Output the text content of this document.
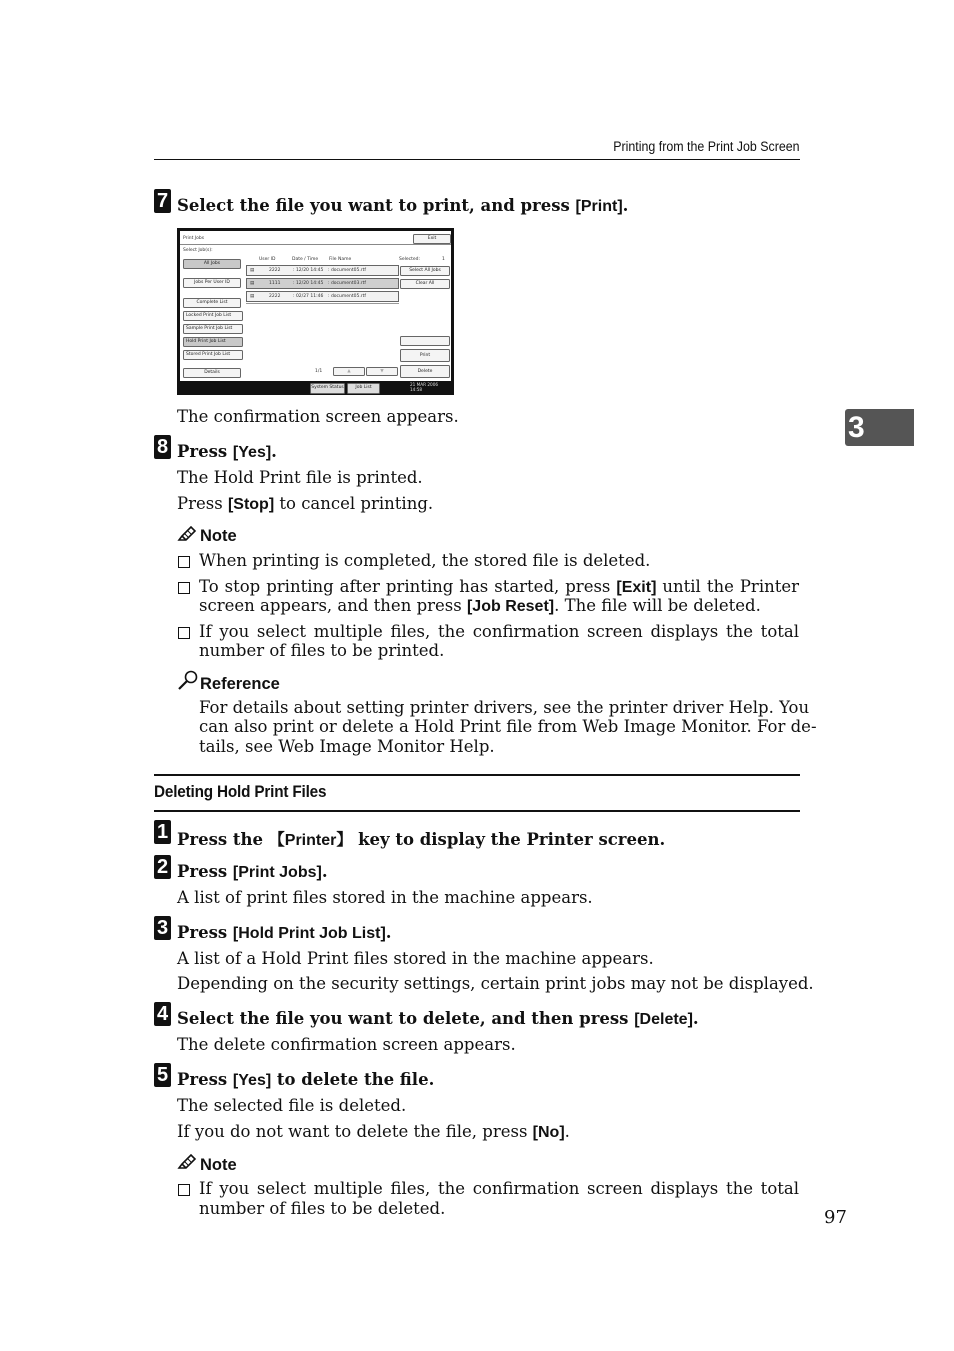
Printing from the Print Job Screen
3
7 Select the file you want to print, and press [Print].
Print Jobs	Exit
Select Job(s):
All Jobs
Jobs Per User ID
Complete List
Locked Print Job List
Sample Print Job List
Hold Print Job List
Stored Print Job List
Details
User ID	Date / Time File Name	Selected:	1
▤	2222	: 12/20 14:45 : document05.rtf
▤	1111	: 12/20 14:45 : document03.rtf
▤	2222	: 02/27 11:46 : document05.rtf
Select All Jobs
Clear All
Print
Delete
1/1	▲	▼
System Status	Job List
21 MAR 2006 14:58
The confirmation screen appears.
8 Press [Yes].
The Hold Print file is printed.
Press [Stop] to cancel printing.
Note
When printing is completed, the stored file is deleted.
To stop printing after printing has started, press [Exit] until the Printer
screen appears, and then press [Job Reset]. The file will be deleted.
If you select multiple files, the confirmation screen displays the total
number of files to be printed.
Reference
For details about setting printer drivers, see the printer driver Help. You
can also print or delete a Hold Print file from Web Image Monitor. For de-
tails, see Web Image Monitor Help.
Deleting Hold Print Files
1 Press the 【Printer】 key to display the Printer screen.
2 Press [Print Jobs].
A list of print files stored in the machine appears.
3 Press [Hold Print Job List].
A list of a Hold Print files stored in the machine appears.
Depending on the security settings, certain print jobs may not be displayed.
4 Select the file you want to delete, and then press [Delete].
The delete confirmation screen appears.
5 Press [Yes] to delete the file.
The selected file is deleted.
If you do not want to delete the file, press [No].
Note
If you select multiple files, the confirmation screen displays the total
number of files to be deleted.	97
